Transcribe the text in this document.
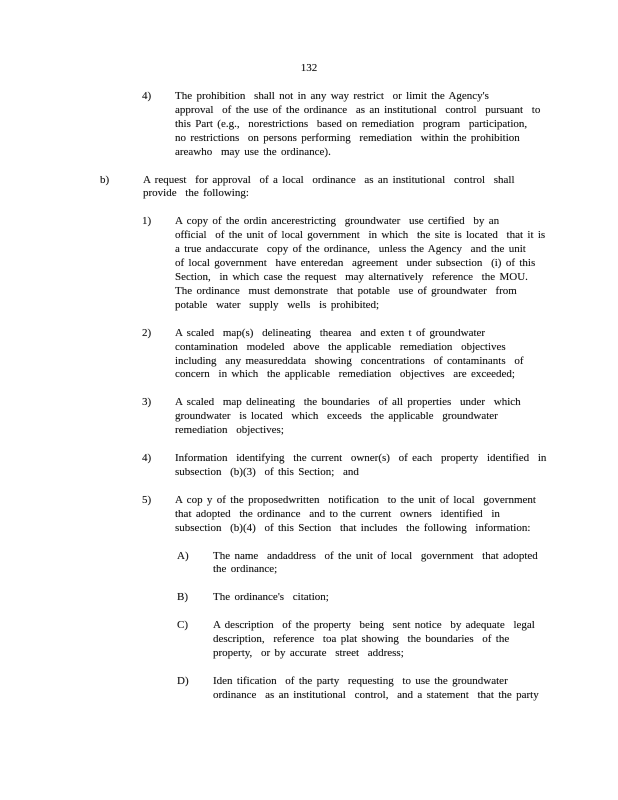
132
4)	The prohibition  shall not in any way restrict  or limit the Agency's
approval  of the use of the ordinance  as an institutional  control  pursuant  to
this Part (e.g.,  norestrictions  based on remediation  program  participation,
no restrictions  on persons performing  remediation  within the prohibition
areawho  may use the ordinance).
b)	A request  for approval  of a local  ordinance  as an institutional  control  shall
provide  the following:
1)	A copy of the ordin ancerestricting  groundwater  use certified  by an
official  of the unit of local government  in which  the site is located  that it is
a true andaccurate  copy of the ordinance,  unless the Agency  and the unit
of local government  have enteredan  agreement  under subsection  (i) of this
Section,  in which case the request  may alternatively  reference  the MOU.
The ordinance  must demonstrate  that potable  use of groundwater  from
potable  water  supply  wells  is prohibited;
2)	A scaled  map(s)  delineating  thearea  and exten t of groundwater
contamination  modeled  above  the applicable  remediation  objectives
including  any measureddata  showing  concentrations  of contaminants  of
concern  in which  the applicable  remediation  objectives  are exceeded;
3)	A scaled  map delineating  the boundaries  of all properties  under  which
groundwater  is located  which  exceeds  the applicable  groundwater
remediation  objectives;
4)	Information  identifying  the current  owner(s)  of each  property  identified  in
subsection  (b)(3)  of this Section;  and
5)	A cop y of the proposedwritten  notification  to the unit of local  government
that adopted  the ordinance  and to the current  owners  identified  in
subsection  (b)(4)  of this Section  that includes  the following  information:
A)	The name  andaddress  of the unit of local  government  that adopted
the ordinance;
B)	The ordinance's  citation;
C)	A description  of the property  being  sent notice  by adequate  legal
description,  reference  toa plat showing  the boundaries  of the
property,  or by accurate  street  address;
D)	Iden tification  of the party  requesting  to use the groundwater
ordinance  as an institutional  control,  and a statement  that the party
